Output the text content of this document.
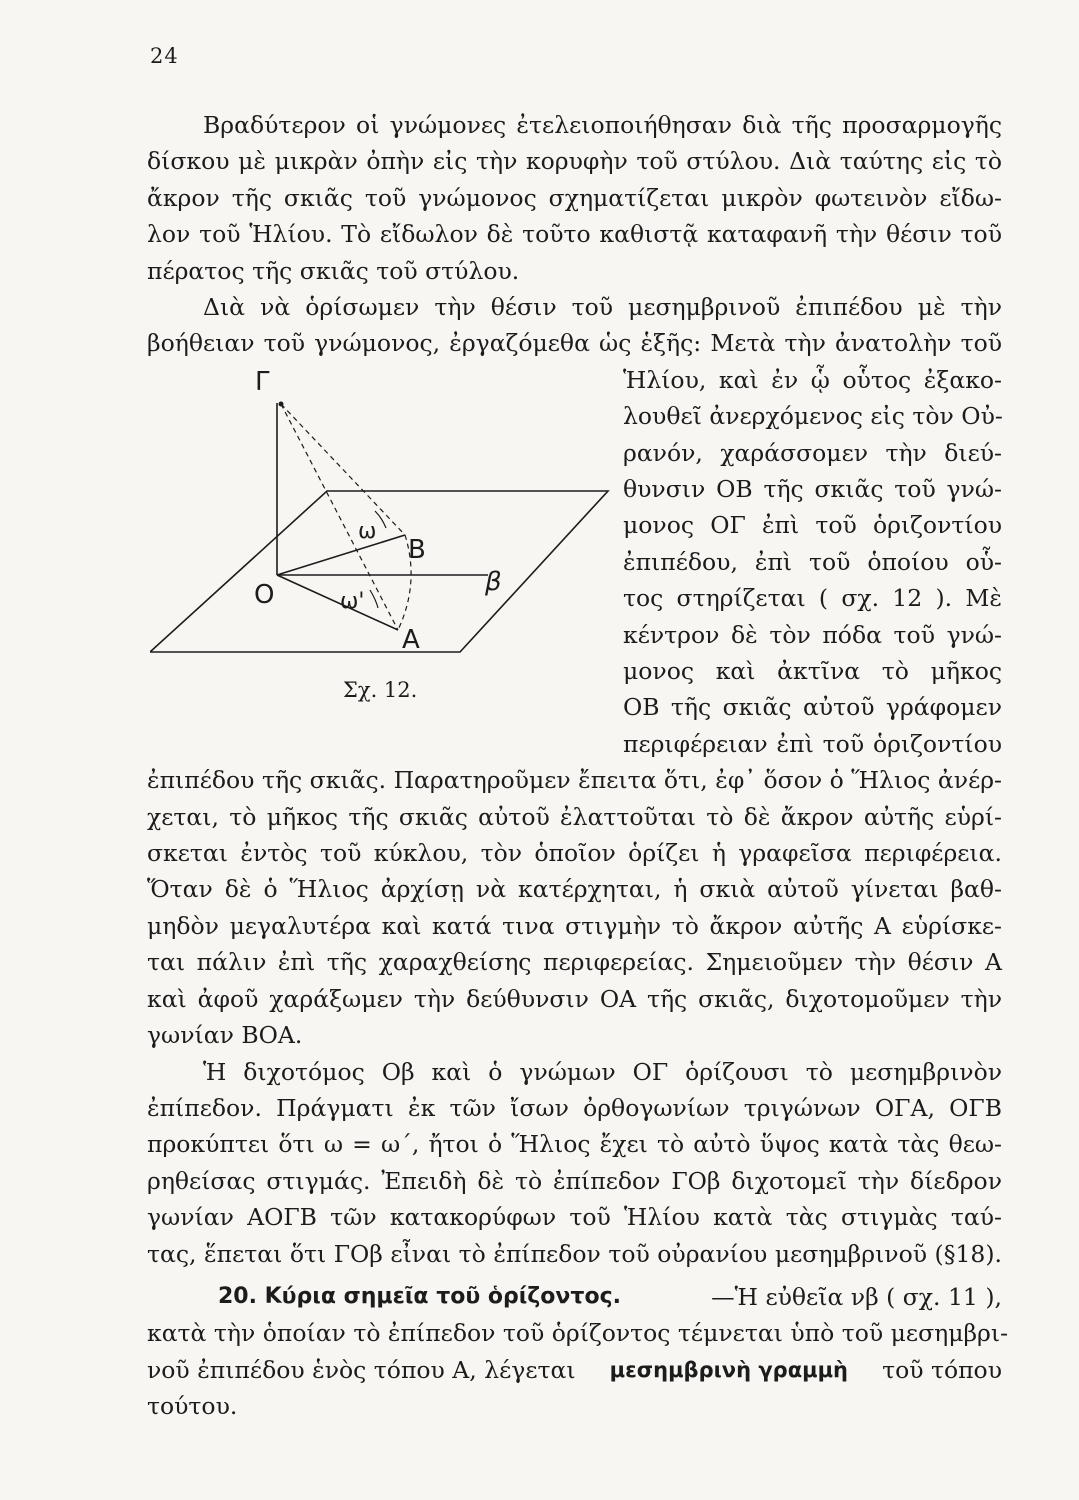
24
Βραδύτερον οἱ γνώμονες ἐτελειοποιήθησαν διὰ τῆς προσαρμογῆς
δίσκου μὲ μικρὰν ὀπὴν εἰς τὴν κορυφὴν τοῦ στύλου. Διὰ ταύτης εἰς τὸ
ἄκρον τῆς σκιᾶς τοῦ γνώμονος σχηματίζεται μικρὸν φωτεινὸν εἴδω-
λον τοῦ Ἡλίου. Τὸ εἴδωλον δὲ τοῦτο καθιστᾷ καταφανῆ τὴν θέσιν τοῦ
πέρατος τῆς σκιᾶς τοῦ στύλου.
Διὰ νὰ ὁρίσωμεν τὴν θέσιν τοῦ μεσημβρινοῦ ἐπιπέδου μὲ τὴν
βοήθειαν τοῦ γνώμονος, ἐργαζόμεθα ὡς ἑξῆς: Μετὰ τὴν ἀνατολὴν τοῦ
Ἡλίου, καὶ ἐν ᾧ οὗτος ἐξακο-
λουθεῖ ἀνερχόμενος εἰς τὸν Οὐ-
ρανόν, χαράσσομεν τὴν διεύ-
θυνσιν ΟΒ τῆς σκιᾶς τοῦ γνώ-
μονος ΟΓ ἐπὶ τοῦ ὁριζοντίου
ἐπιπέδου, ἐπὶ τοῦ ὁποίου οὗ-
τος στηρίζεται ( σχ. 12 ). Μὲ
κέντρον δὲ τὸν πόδα τοῦ γνώ-
μονος καὶ ἀκτῖνα τὸ μῆκος
ΟΒ τῆς σκιᾶς αὐτοῦ γράφομεν
περιφέρειαν ἐπὶ τοῦ ὁριζοντίου
Γ
O
B
A
β
ω
ω'
Σχ. 12.
ἐπιπέδου τῆς σκιᾶς. Παρατηροῦμεν ἔπειτα ὅτι, ἐφ᾽ ὅσον ὁ Ἥλιος ἀνέρ-
χεται, τὸ μῆκος τῆς σκιᾶς αὐτοῦ ἐλαττοῦται τὸ δὲ ἄκρον αὐτῆς εὑρί-
σκεται ἐντὸς τοῦ κύκλου, τὸν ὁποῖον ὁρίζει ἡ γραφεῖσα περιφέρεια.
Ὅταν δὲ ὁ Ἥλιος ἀρχίσῃ νὰ κατέρχηται, ἡ σκιὰ αὐτοῦ γίνεται βαθ-
μηδὸν μεγαλυτέρα καὶ κατά τινα στιγμὴν τὸ ἄκρον αὐτῆς Α εὑρίσκε-
ται πάλιν ἐπὶ τῆς χαραχθείσης περιφερείας. Σημειοῦμεν τὴν θέσιν Α
καὶ ἀφοῦ χαράξωμεν τὴν δεύθυνσιν ΟΑ τῆς σκιᾶς, διχοτομοῦμεν τὴν
γωνίαν ΒΟΑ.
Ἡ διχοτόμος Οβ καὶ ὁ γνώμων ΟΓ ὁρίζουσι τὸ μεσημβρινὸν
ἐπίπεδον. Πράγματι ἐκ τῶν ἴσων ὀρθογωνίων τριγώνων ΟΓΑ, ΟΓΒ
προκύπτει ὅτι ω = ω΄, ἤτοι ὁ Ἥλιος ἔχει τὸ αὐτὸ ὕψος κατὰ τὰς θεω-
ρηθείσας στιγμάς. Ἐπειδὴ δὲ τὸ ἐπίπεδον ΓΟβ διχοτομεῖ τὴν δίεδρον
γωνίαν ΑΟΓΒ τῶν κατακορύφων τοῦ Ἡλίου κατὰ τὰς στιγμὰς ταύ-
τας, ἕπεται ὅτι ΓΟβ εἶναι τὸ ἐπίπεδον τοῦ οὐρανίου μεσημβρινοῦ (§18).
20. Κύρια σημεῖα τοῦ ὁρίζοντος.	—Ἡ εὐθεῖα νβ ( σχ. 11 ),
κατὰ τὴν ὁποίαν τὸ ἐπίπεδον τοῦ ὁρίζοντος τέμνεται ὑπὸ τοῦ μεσημβρι-
νοῦ ἐπιπέδου ἑνὸς τόπου Α, λέγεται μεσημβρινὴ γραμμὴ τοῦ τόπου
τούτου.
